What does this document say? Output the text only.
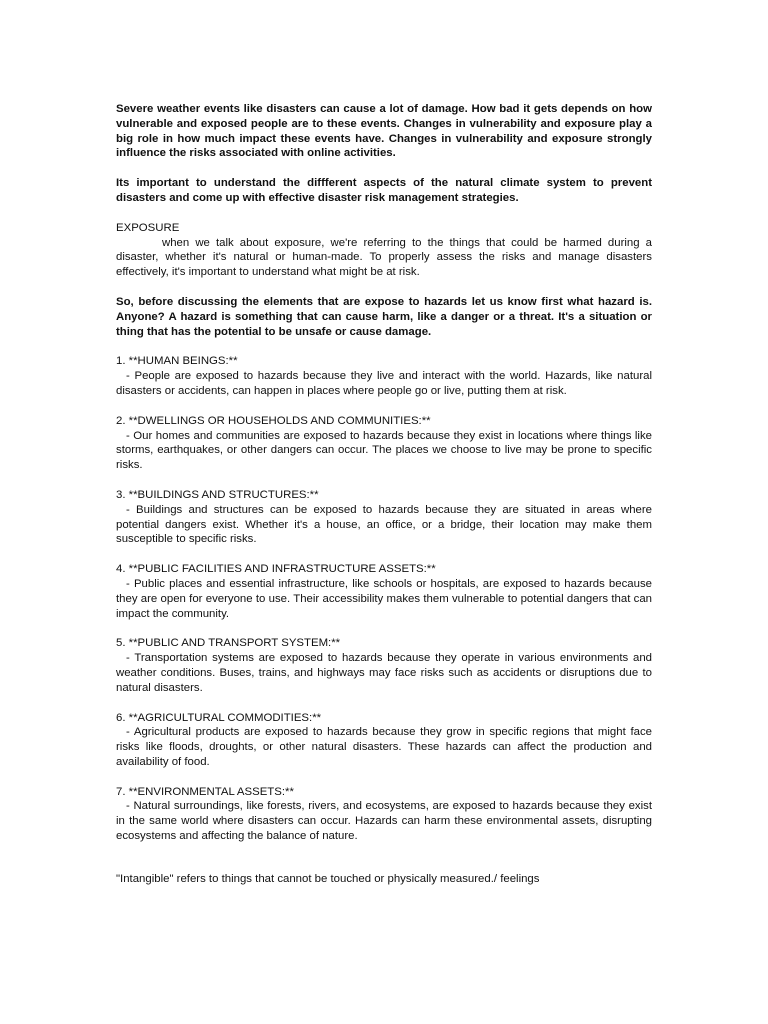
Severe weather events like disasters can cause a lot of damage. How bad it gets depends on how vulnerable and exposed people are to these events. Changes in vulnerability and exposure play a big role in how much impact these events have. Changes in vulnerability and exposure strongly influence the risks associated with online activities.

Its important to understand the diffferent aspects of the natural climate system to prevent disasters and come up with effective disaster risk management strategies.

EXPOSURE

when we talk about exposure, we're referring to the things that could be harmed during a disaster, whether it's natural or human-made. To properly assess the risks and manage disasters effectively, it's important to understand what might be at risk.

So, before discussing the elements that are expose to hazards let us know first what hazard is. Anyone? A hazard is something that can cause harm, like a danger or a threat. It's a situation or thing that has the potential to be unsafe or cause damage.

1. **HUMAN BEINGS:**

- People are exposed to hazards because they live and interact with the world. Hazards, like natural disasters or accidents, can happen in places where people go or live, putting them at risk.

2. **DWELLINGS OR HOUSEHOLDS AND COMMUNITIES:**

- Our homes and communities are exposed to hazards because they exist in locations where things like storms, earthquakes, or other dangers can occur. The places we choose to live may be prone to specific risks.

3. **BUILDINGS AND STRUCTURES:**

- Buildings and structures can be exposed to hazards because they are situated in areas where potential dangers exist. Whether it's a house, an office, or a bridge, their location may make them susceptible to specific risks.

4. **PUBLIC FACILITIES AND INFRASTRUCTURE ASSETS:**

- Public places and essential infrastructure, like schools or hospitals, are exposed to hazards because they are open for everyone to use. Their accessibility makes them vulnerable to potential dangers that can impact the community.

5. **PUBLIC AND TRANSPORT SYSTEM:**

- Transportation systems are exposed to hazards because they operate in various environments and weather conditions. Buses, trains, and highways may face risks such as accidents or disruptions due to natural disasters.

6. **AGRICULTURAL COMMODITIES:**

- Agricultural products are exposed to hazards because they grow in specific regions that might face risks like floods, droughts, or other natural disasters. These hazards can affect the production and availability of food.

7. **ENVIRONMENTAL ASSETS:**

- Natural surroundings, like forests, rivers, and ecosystems, are exposed to hazards because they exist in the same world where disasters can occur. Hazards can harm these environmental assets, disrupting ecosystems and affecting the balance of nature.

"Intangible" refers to things that cannot be touched or physically measured./ feelings
